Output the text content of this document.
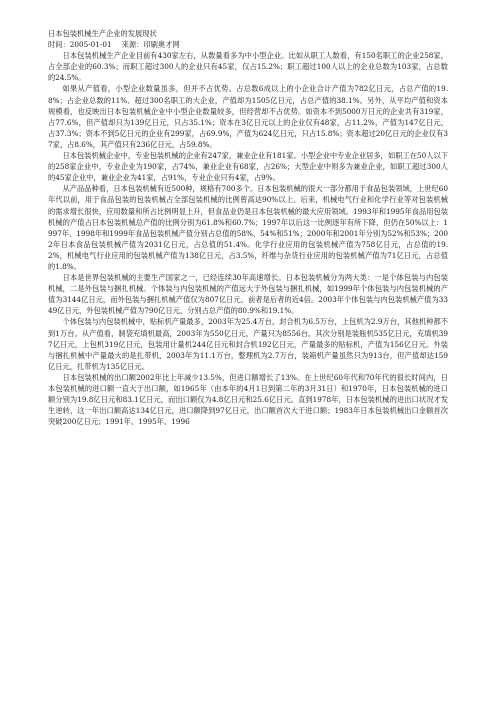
日本包装机械生产企业的发展现状

时间：2005-01-01 来源：印刷奥才网

日本包装机械生产企业目前有430家左右，从数量看多为中小型企业。比如从职工人数看，有150名职工的企业258家，占全部企业的60.3%；而职工超过300人的企业只有45家，仅占15.2%；职工超过100人以上的企业总数为103家，占总数的24.5%。

如果从产值看，小型企业数量虽多，但并不占优势。占总数6成以上的小企业合计产值为782亿日元，占总产值的19.8%；占企业总数的11%、超过300名职工的大企业，产值却为1505亿日元，占总产值的38.1%。另外，从平均产值和资本规模看，也反映出日本包装机械企业中小型企业数量较多，但经营却不占优势。如资本不到5000万日元的企业共有319家，占77.6%，但产值却只为139亿日元，只占35.1%；资本在3亿日元以上的企业仅有48家，占11.2%，产值为147亿日元，占37.3%；资本不到5亿日元的企业有299家，占69.9%，产值为624亿日元，只占15.8%；资本超过20亿日元的企业仅有37家，占8.6%，其产值只有236亿日元，占59.8%。

日本包装机械企业中，专业包装机械的企业有247家，兼业企业有181家。小型企业中专业企业居多，如职工在50人以下的258家企业中，专业企业为190家，占74%，兼业企业有68家，占26%；大型企业中则多为兼业企业，如职工超过300人的45家企业中，兼业企业为41家，占91%，专业企业只有4家，占9%。

从产品品种看，日本包装机械有近500种，规格有700多个。日本包装机械的很大一部分都用于食品包装领域，上世纪60年代以前，用于食品包装的包装机械占全部包装机械的比例曾高达90%以上。后来，机械电气行业和化学行业等对包装机械的需求增长很快，应用数量和所占比例明显上升，但食品业仍是日本包装机械的最大应用领域。1993年和1995年食品用包装机械的产值占日本包装机械总产值的比例分别为61.8%和60.7%；1997年以后这一比例逐年有所下降，但仍在50%以上：1997年、1998年和1999年食品包装机械产值分别占总值的58%、54%和51%；2000年和2001年分别为52%和53%；2002年日本食品包装机械产值为2031亿日元，占总值的51.4%。化学行业应用的包装机械产值为758亿日元，占总值的19.2%，机械电气行业应用的包装机械产值为138亿日元，占3.5%，纤维与杂货行业应用的包装机械产值为71亿日元，占总值的1.8%。

日本是世界包装机械的主要生产国家之一，已经连续30年高速增长。日本包装机械分为两大类：一是个体包装与内包装机械，二是外包装与捆扎机械。个体装与内包装机械的产值远大于外包装与捆扎机械，如1999年个体包装与内包装机械的产值为3144亿日元，而外包装与捆扎机械产值仅为807亿日元，前者是后者的近4倍。2003年个体包装与内包装机械产值为3349亿日元，外包装机械产值为790亿日元，分别占总产值的80.9%和19.1%。

个体包装与内包装机械中，贴标机产量最多，2003年为25.4万台，封合机为6.5万台，上包机为2.9万台，其他机种都不到1万台。从产值看，制袋充填机最高，2003年为550亿日元，产量只为8556台。其次分别是装瓶机535亿日元，充填机397亿日元，上包机319亿日元，包装用计量机244亿日元和封合机192亿日元，产量最多的贴标机，产值为156亿日元。外装与捆扎机械中产量最大的是扎带机，2003年为11.1万台，整理机为2.7万台，装箱机产量虽然只为913台，但产值却达159亿日元，扎带机为135亿日元。

日本包装机械的出口额2002年比上年减少13.5%，但进口额增长了13%。在上世纪60年代和70年代的很长时间内，日本包装机械的进口额一直大于出口额，如1965年（由本年的4月1日到第二年的3月31日）和1970年，日本包装机械的进口额分别为19.8亿日元和83.1亿日元，而出口额仅为4.8亿日元和25.6亿日元。直到1978年，日本包装机械的进出口状况才发生逆转，这一年出口额高达134亿日元，进口额降到97亿日元，出口额首次大于进口额；1983年日本包装机械出口金额首次突破200亿日元；1991年、1995年、1996
